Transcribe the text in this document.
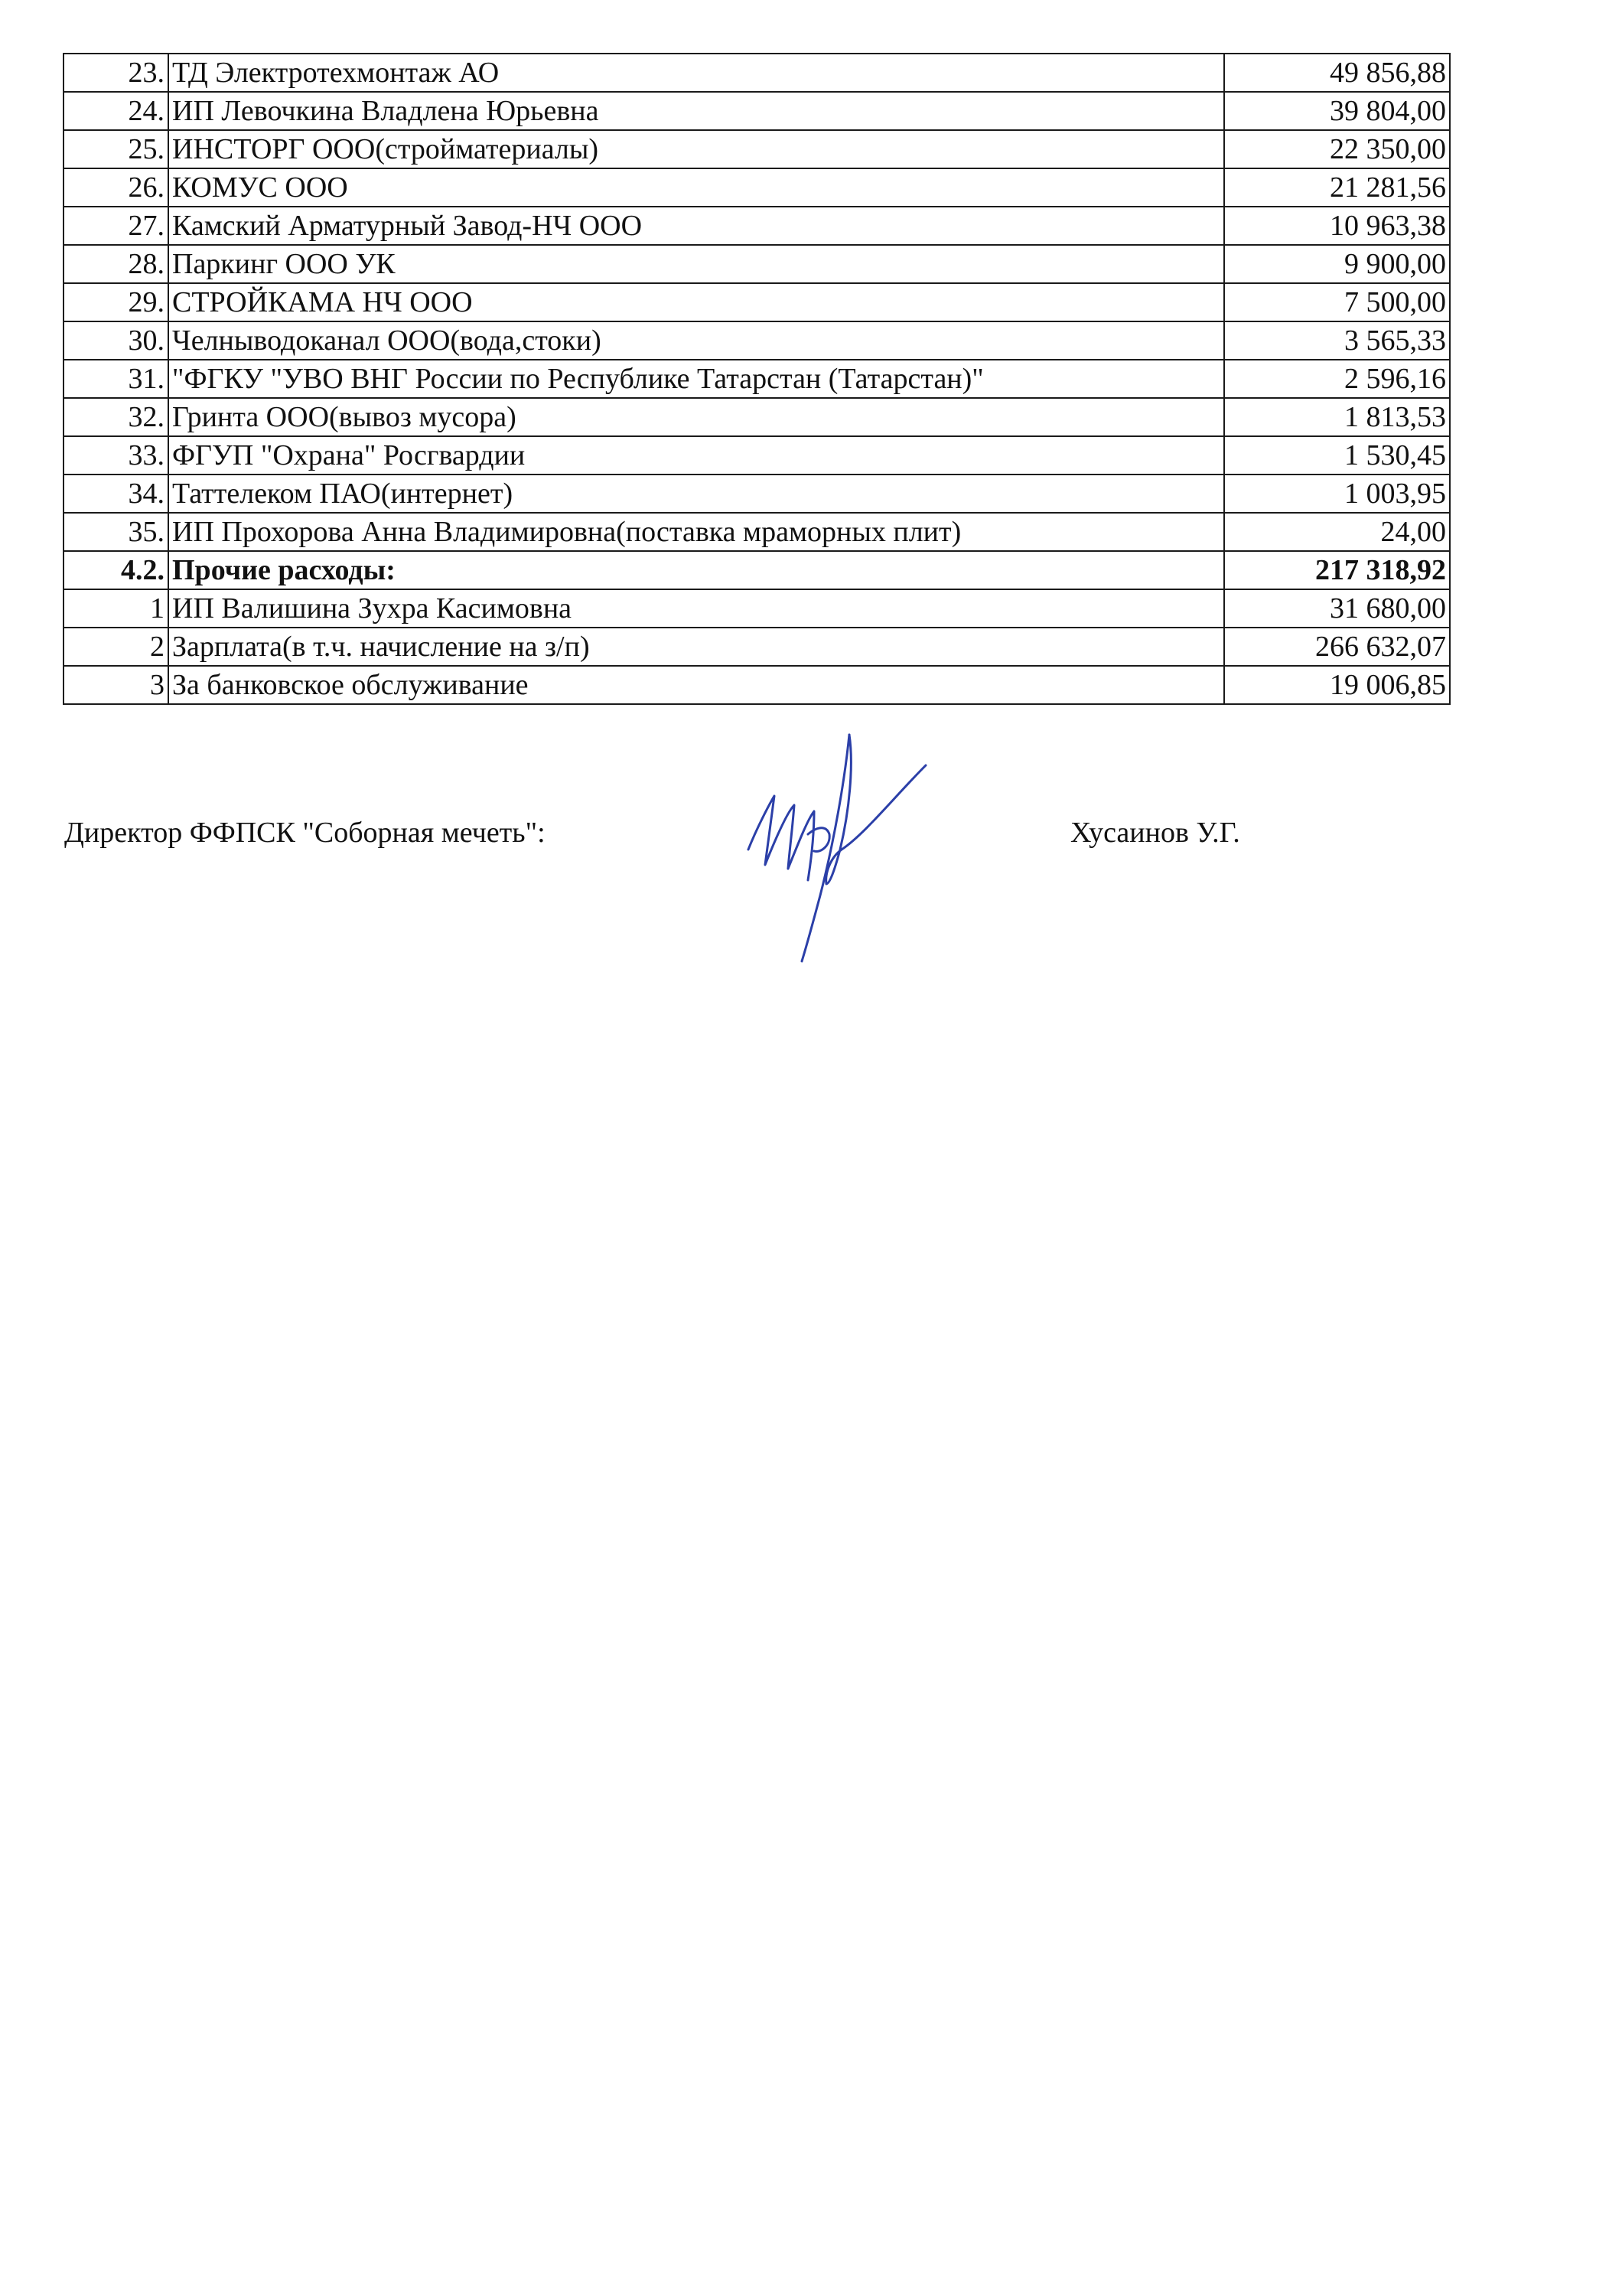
23.	ТД Электротехмонтаж АО	49 856,88
24.	ИП Левочкина Владлена Юрьевна	39 804,00
25.	ИНСТОРГ ООО(стройматериалы)	22 350,00
26.	КОМУС ООО	21 281,56
27.	Камский Арматурный Завод-НЧ ООО	10 963,38
28.	Паркинг ООО УК	9 900,00
29.	СТРОЙКАМА НЧ ООО	7 500,00
30.	Челныводоканал ООО(вода,стоки)	3 565,33
31.	"ФГКУ "УВО ВНГ России по Республике Татарстан (Татарстан)"	2 596,16
32.	Гринта ООО(вывоз мусора)	1 813,53
33.	ФГУП "Охрана" Росгвардии	1 530,45
34.	Таттелеком ПАО(интернет)	1 003,95
35.	ИП Прохорова Анна Владимировна(поставка мраморных плит)	24,00
4.2.	Прочие расходы:	217 318,92
1	ИП Валишина Зухра Касимовна	31 680,00
2	Зарплата(в т.ч. начисление на з/п)	266 632,07
3	За банковское обслуживание	19 006,85
Директор ФФПСК "Соборная мечеть":	Хусаинов У.Г.
